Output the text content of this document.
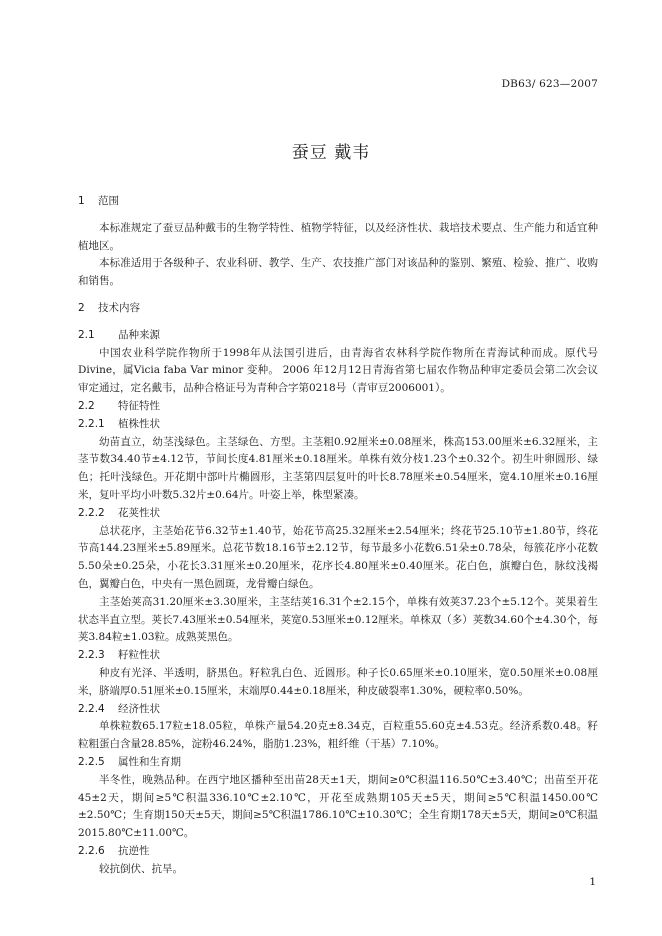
DB63/ 623—2007
蚕豆 戴韦
1 范围

本标准规定了蚕豆品种戴韦的生物学特性、植物学特征，以及经济性状、栽培技术要点、生产能力和适宜种植地区。

本标准适用于各级种子、农业科研、教学、生产、农技推广部门对该品种的鉴别、繁殖、检验、推广、收购和销售。

2 技术内容
2.1 品种来源

中国农业科学院作物所于1998年从法国引进后，由青海省农林科学院作物所在青海试种而成。原代号Divine，属Vicia faba Var minor 变种。 2006 年12月12日青海省第七届农作物品种审定委员会第二次会议审定通过，定名戴韦，品种合格证号为青种合字第0218号（青审豆2006001）。

2.2 特征特性
2.2.1 植株性状

幼苗直立，幼茎浅绿色。主茎绿色、方型。主茎粗0.92厘米±0.08厘米，株高153.00厘米±6.32厘米，主茎节数34.40节±4.12节，节间长度4.81厘米±0.18厘米。单株有效分枝1.23个±0.32个。初生叶卵圆形、绿色；托叶浅绿色。开花期中部叶片椭圆形，主茎第四层复叶的叶长8.78厘米±0.54厘米，宽4.10厘米±0.16厘米，复叶平均小叶数5.32片±0.64片。叶姿上举，株型紧凑。

2.2.2 花荚性状

总状花序，主茎始花节6.32节±1.40节，始花节高25.32厘米±2.54厘米；终花节25.10节±1.80节，终花节高144.23厘米±5.89厘米。总花节数18.16节±2.12节，每节最多小花数6.51朵±0.78朵，每簇花序小花数5.50朵±0.25朵，小花长3.31厘米±0.20厘米，花序长4.80厘米±0.40厘米。花白色，旗瓣白色，脉纹浅褐色，翼瓣白色，中央有一黑色圆斑，龙骨瓣白绿色。

主茎始荚高31.20厘米±3.30厘米，主茎结荚16.31个±2.15个，单株有效荚37.23个±5.12个。荚果着生状态半直立型。荚长7.43厘米±0.54厘米，荚宽0.53厘米±0.12厘米。单株双（多）荚数34.60个±4.30个，每荚3.84粒±1.03粒。成熟荚黑色。

2.2.3 籽粒性状

种皮有光泽、半透明，脐黑色。籽粒乳白色、近圆形。种子长0.65厘米±0.10厘米，宽0.50厘米±0.08厘米，脐端厚0.51厘米±0.15厘米，末端厚0.44±0.18厘米，种皮破裂率1.30%，硬粒率0.50%。

2.2.4 经济性状

单株粒数65.17粒±18.05粒，单株产量54.20克±8.34克，百粒重55.60克±4.53克。经济系数0.48。籽粒粗蛋白含量28.85%，淀粉46.24%，脂肪1.23%，粗纤维（干基）7.10%。

2.2.5 属性和生育期

半冬性，晚熟品种。在西宁地区播种至出苗28天±1天，期间≥0℃积温116.50℃±3.40℃；出苗至开花45±2天，期间≥5℃积温336.10℃±2.10℃，开花至成熟期105天±5天，期间≥5℃积温1450.00℃±2.50℃；生育期150天±5天，期间≥5℃积温1786.10℃±10.30℃；全生育期178天±5天，期间≥0℃积温2015.80℃±11.00℃。

2.2.6 抗逆性

较抗倒伏、抗旱。

1
